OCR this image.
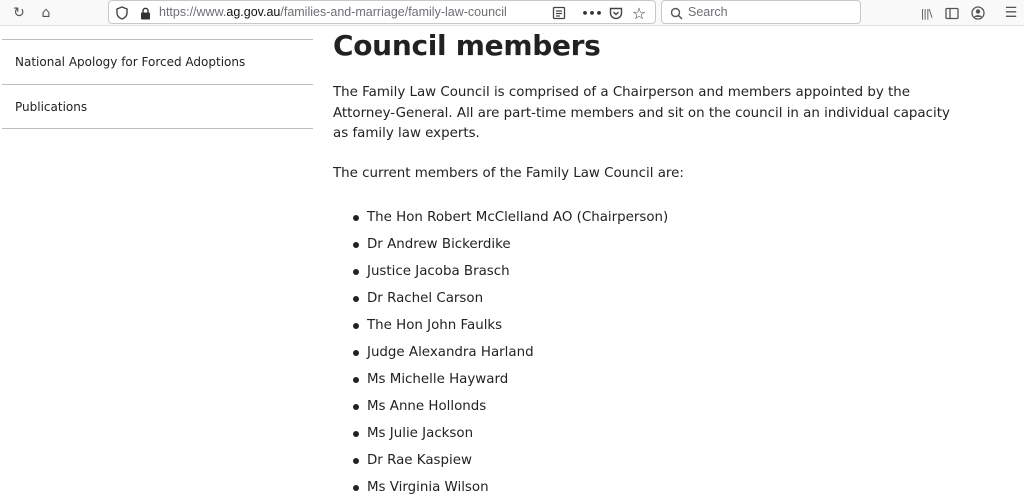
↻	⌂	https://www.ag.gov.au/families-and-marriage/family-law-council	••• ☆	Search	|||\	☰
National Apology for Forced Adoptions
Publications
Council members

The Family Law Council is comprised of a Chairperson and members appointed by the Attorney-General. All are part-time members and sit on the council in an individual capacity as family law experts.

The current members of the Family Law Council are:

The Hon Robert McClelland AO (Chairperson)
Dr Andrew Bickerdike
Justice Jacoba Brasch
Dr Rachel Carson
The Hon John Faulks
Judge Alexandra Harland
Ms Michelle Hayward
Ms Anne Hollonds
Ms Julie Jackson
Dr Rae Kaspiew
Ms Virginia Wilson
